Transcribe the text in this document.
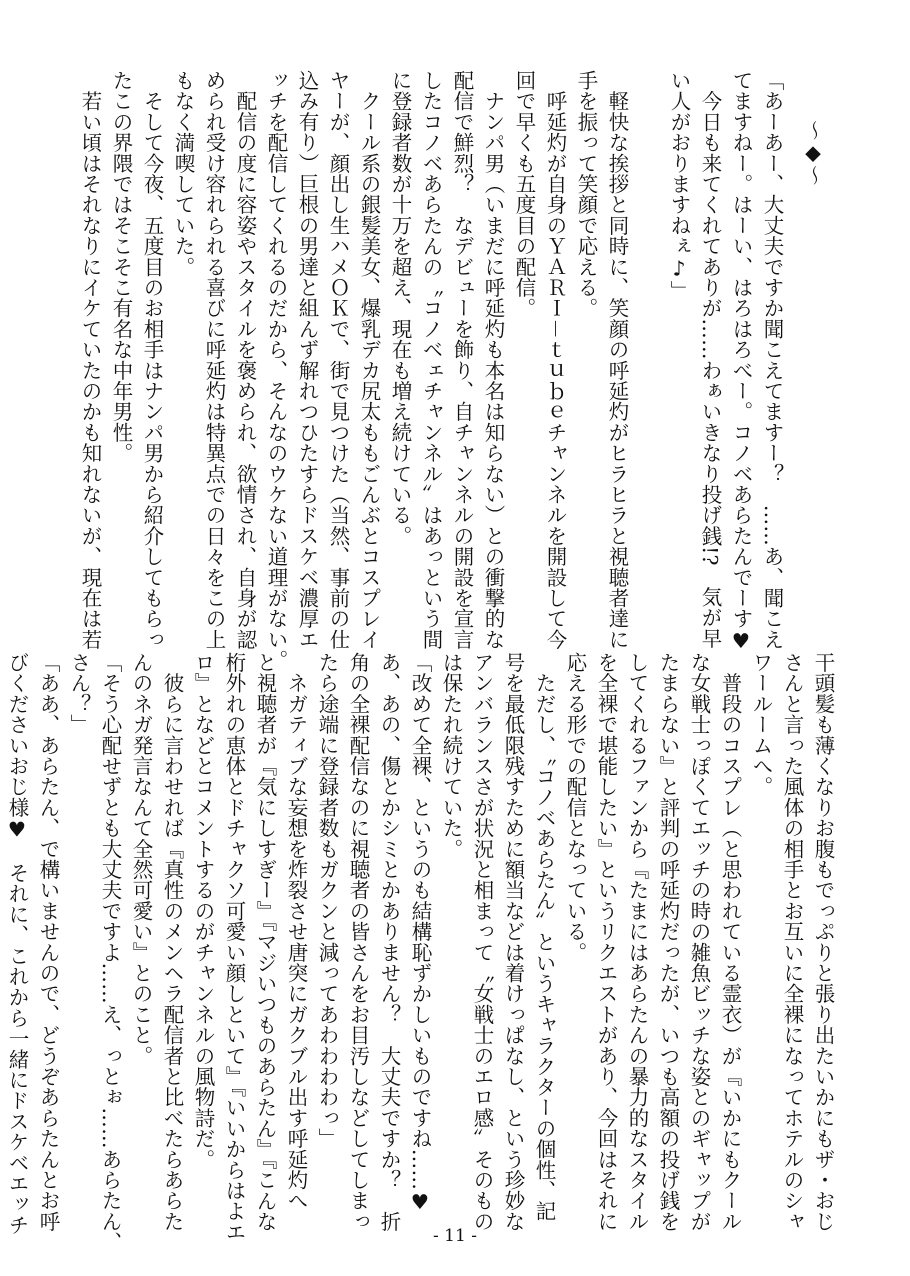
～◆～
「あーあー、大丈夫ですか聞こえてますー？　……あ、聞こえ
てますねー。はーい、はろはろべー。コノベあらたんでーす♥
　今日も来てくれてありが……わぁいきなり投げ銭!?　気が早
い人がおりますねぇ♪」
　軽快な挨拶と同時に、笑顔の呼延灼がヒラヒラと視聴者達に
手を振って笑顔で応える。
　呼延灼が自身のＹＡＲＩ－ｔｕｂｅチャンネルを開設して今
回で早くも五度目の配信。
　ナンパ男（いまだに呼延灼も本名は知らない）との衝撃的な
配信で鮮烈？　なデビューを飾り、自チャンネルの開設を宣言
したコノベあらたんの〝コノベェチャンネル〟はあっという間
に登録者数が十万を超え、現在も増え続けている。
　クール系の銀髪美女、爆乳デカ尻太ももごんぶとコスプレイ
ヤーが、顔出し生ハメＯＫで、街で見つけた（当然、事前の仕
込み有り）巨根の男達と組んず解れつひたすらドスケベ濃厚エ
ッチを配信してくれるのだから、そんなのウケない道理がない。
　配信の度に容姿やスタイルを褒められ、欲情され、自身が認
められ受け容れられる喜びに呼延灼は特異点での日々をこの上
もなく満喫していた。
　そして今夜、五度目のお相手はナンパ男から紹介してもらっ
たこの界隈ではそこそこ有名な中年男性。
　若い頃はそれなりにイケていたのかも知れないが、現在は若
干頭髪も薄くなりお腹もでっぷりと張り出たいかにもザ・おじ
さんと言った風体の相手とお互いに全裸になってホテルのシャ
ワールームへ。
　普段のコスプレ（と思われている霊衣）が『いかにもクール
な女戦士っぽくてエッチの時の雑魚ビッチな姿とのギャップが
たまらない』と評判の呼延灼だったが、いつも高額の投げ銭を
してくれるファンから『たまにはあらたんの暴力的なスタイル
を全裸で堪能したい』というリクエストがあり、今回はそれに
応える形での配信となっている。
　ただし、〝コノベあらたん〟というキャラクターの個性、記
号を最低限残すために額当などは着けっぱなし、という珍妙な
アンバランスさが状況と相まって〝女戦士のエロ感〟そのもの
は保たれ続けていた。
「改めて全裸、というのも結構恥ずかしいものですね……♥
あ、あの、傷とかシミとかありません？　大丈夫ですか？　折
角の全裸配信なのに視聴者の皆さんをお目汚しなどしてしまっ
たら途端に登録者数もガクンと減ってあわわわわっ」
　ネガティブな妄想を炸裂させ唐突にガクブル出す呼延灼へ
と視聴者が『気にしすぎー』『マジいつものあらたん』『こんな
桁外れの恵体とドチャクソ可愛い顔しといて』『いいからはよエ
ロ』となどとコメントするのがチャンネルの風物詩だ。
　彼らに言わせれば『真性のメンヘラ配信者と比べたらあらた
んのネガ発言なんて全然可愛い』とのこと。
「そう心配せずとも大丈夫ですよ……え、っとぉ……あらたん、
さん？」
「ああ、あらたん、で構いませんので、どうぞあらたんとお呼
びくださいおじ様♥　それに、これから一緒にドスケベエッチ
- 11 -
